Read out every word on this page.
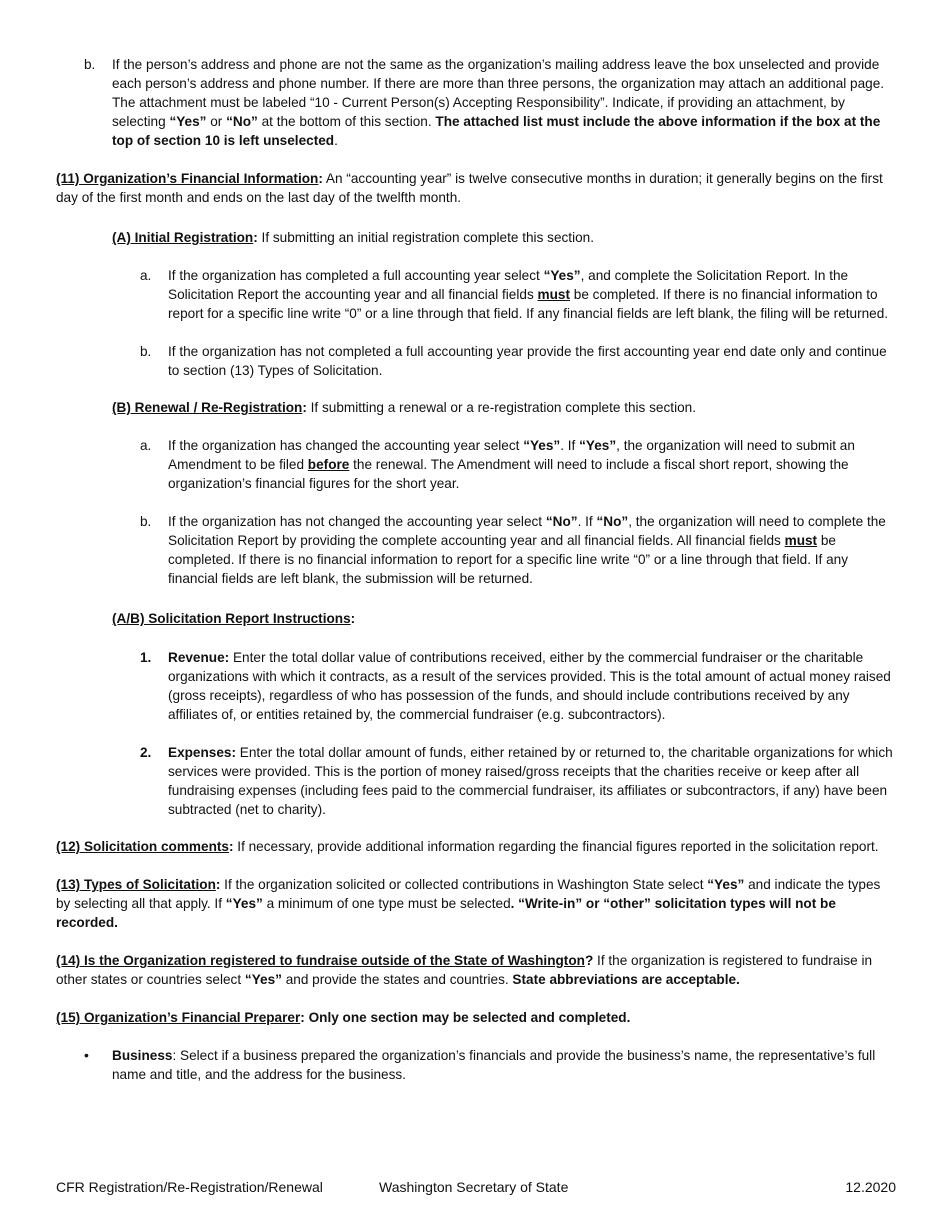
b. If the person’s address and phone are not the same as the organization’s mailing address leave the box unselected and provide each person’s address and phone number. If there are more than three persons, the organization may attach an additional page. The attachment must be labeled “10 - Current Person(s) Accepting Responsibility”. Indicate, if providing an attachment, by selecting “Yes” or “No” at the bottom of this section. The attached list must include the above information if the box at the top of section 10 is left unselected.

(11) Organization’s Financial Information: An “accounting year” is twelve consecutive months in duration; it generally begins on the first day of the first month and ends on the last day of the twelfth month.

(A) Initial Registration: If submitting an initial registration complete this section.

a. If the organization has completed a full accounting year select “Yes”, and complete the Solicitation Report. In the Solicitation Report the accounting year and all financial fields must be completed. If there is no financial information to report for a specific line write “0” or a line through that field. If any financial fields are left blank, the filing will be returned.

b. If the organization has not completed a full accounting year provide the first accounting year end date only and continue to section (13) Types of Solicitation.

(B) Renewal / Re-Registration: If submitting a renewal or a re-registration complete this section.

a. If the organization has changed the accounting year select “Yes”. If “Yes”, the organization will need to submit an Amendment to be filed before the renewal. The Amendment will need to include a fiscal short report, showing the organization’s financial figures for the short year.

b. If the organization has not changed the accounting year select “No”. If “No”, the organization will need to complete the Solicitation Report by providing the complete accounting year and all financial fields. All financial fields must be completed. If there is no financial information to report for a specific line write “0” or a line through that field. If any financial fields are left blank, the submission will be returned.

(A/B) Solicitation Report Instructions:

1. Revenue: Enter the total dollar value of contributions received, either by the commercial fundraiser or the charitable organizations with which it contracts, as a result of the services provided. This is the total amount of actual money raised (gross receipts), regardless of who has possession of the funds, and should include contributions received by any affiliates of, or entities retained by, the commercial fundraiser (e.g. subcontractors).

2. Expenses: Enter the total dollar amount of funds, either retained by or returned to, the charitable organizations for which services were provided. This is the portion of money raised/gross receipts that the charities receive or keep after all fundraising expenses (including fees paid to the commercial fundraiser, its affiliates or subcontractors, if any) have been subtracted (net to charity).

(12) Solicitation comments: If necessary, provide additional information regarding the financial figures reported in the solicitation report.

(13) Types of Solicitation: If the organization solicited or collected contributions in Washington State select “Yes” and indicate the types by selecting all that apply. If “Yes” a minimum of one type must be selected. “Write-in” or “other” solicitation types will not be recorded.

(14) Is the Organization registered to fundraise outside of the State of Washington? If the organization is registered to fundraise in other states or countries select “Yes” and provide the states and countries. State abbreviations are acceptable.

(15) Organization’s Financial Preparer: Only one section may be selected and completed.

• Business: Select if a business prepared the organization’s financials and provide the business’s name, the representative’s full name and title, and the address for the business.

CFR Registration/Re-Registration/Renewal	Washington Secretary of State	12.2020
